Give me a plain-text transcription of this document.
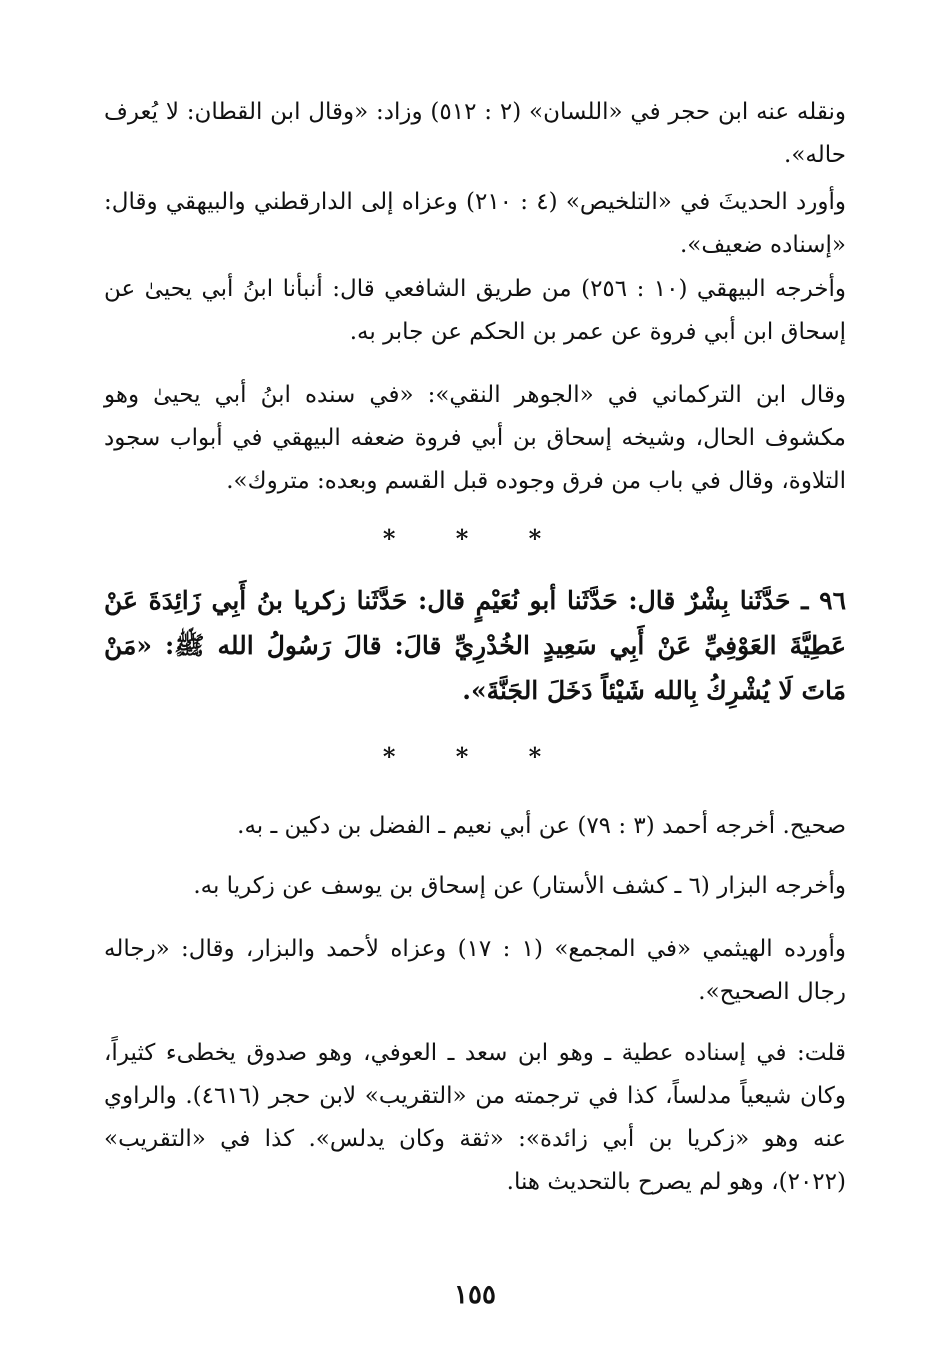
ونقله عنه ابن حجر في «اللسان» (٢ : ٥١٢) وزاد: «وقال ابن القطان: لا يُعرف حاله».

وأورد الحديثَ في «التلخيص» (٤ : ٢١٠) وعزاه إلى الدارقطني والبيهقي وقال: «إسناده ضعيف».

وأخرجه البيهقي (١٠ : ٢٥٦) من طريق الشافعي قال: أنبأنا ابنُ أبي يحيىٰ عن إسحاق ابن أبي فروة عن عمر بن الحكم عن جابر به.

وقال ابن التركماني في «الجوهر النقي»: «في سنده ابنُ أبي يحيىٰ وهو مكشوف الحال، وشيخه إسحاق بن أبي فروة ضعفه البيهقي في أبواب سجود التلاوة، وقال في باب من فرق وجوده قبل القسم وبعده: متروك».

* * *

٩٦ ـ حَدَّثَنا بِشْرٌ قال: حَدَّثَنا أبو نُعَيْمٍ قال: حَدَّثَنا زكريا بنُ أَبِي زَائِدَةَ عَنْ عَطِيَّةَ العَوْفِيِّ عَنْ أَبِي سَعِيدٍ الخُدْرِيِّ قالَ: قالَ رَسُولُ الله ﷺ: «مَنْ مَاتَ لَا يُشْرِكُ بِالله شَيْئاً دَخَلَ الجَنَّةَ».

* * *

صحيح. أخرجه أحمد (٣ : ٧٩) عن أبي نعيم ـ الفضل بن دكين ـ به.

وأخرجه البزار (٦ ـ كشف الأستار) عن إسحاق بن يوسف عن زكريا به.

وأورده الهيثمي «في المجمع» (١ : ١٧) وعزاه لأحمد والبزار، وقال: «رجاله رجال الصحيح».

قلت: في إسناده عطية ـ وهو ابن سعد ـ العوفي، وهو صدوق يخطىء كثيراً، وكان شيعياً مدلساً، كذا في ترجمته من «التقريب» لابن حجر (٤٦١٦). والراوي عنه وهو «زكريا بن أبي زائدة»: «ثقة وكان يدلس». كذا في «التقريب» (٢٠٢٢)، وهو لم يصرح بالتحديث هنا.

١٥٥
